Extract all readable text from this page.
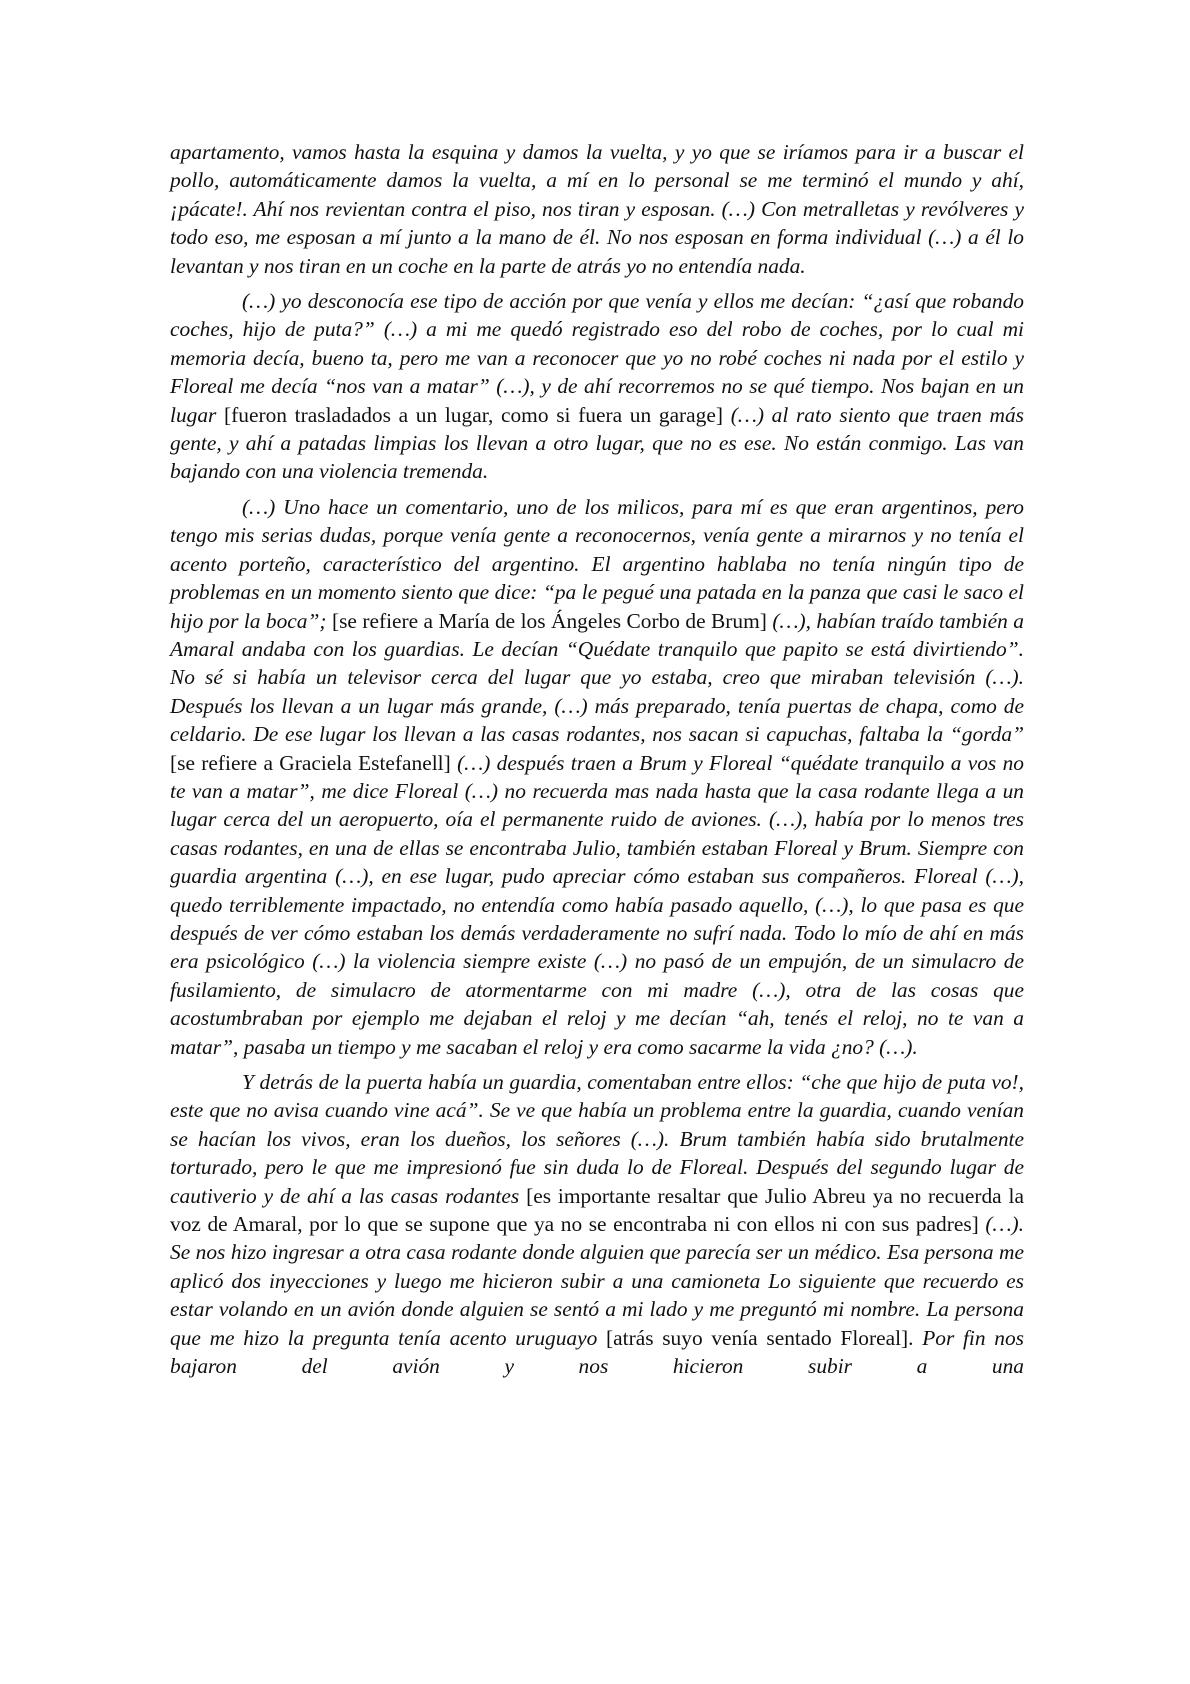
apartamento, vamos hasta la esquina y damos la vuelta, y yo que se iríamos para ir a buscar el pollo, automáticamente damos la vuelta, a mí en lo personal se me terminó el mundo y ahí, ¡pácate!. Ahí nos revientan contra el piso, nos tiran y esposan. (…) Con metralletas y revólveres y todo eso, me esposan a mí junto a la mano de él. No nos esposan en forma individual (…) a él lo levantan y nos tiran en un coche en la parte de atrás yo no entendía nada.

(…) yo desconocía ese tipo de acción por que venía y ellos me decían: “¿así que robando coches, hijo de puta?” (…) a mi me quedó registrado eso del robo de coches, por lo cual mi memoria decía, bueno ta, pero me van a reconocer que yo no robé coches ni nada por el estilo y Floreal me decía “nos van a matar” (…), y de ahí recorremos no se qué tiempo. Nos bajan en un lugar [fueron trasladados a un lugar, como si fuera un garage] (…) al rato siento que traen más gente, y ahí a patadas limpias los llevan a otro lugar, que no es ese. No están conmigo. Las van bajando con una violencia tremenda.

(…) Uno hace un comentario, uno de los milicos, para mí es que eran argentinos, pero tengo mis serias dudas, porque venía gente a reconocernos, venía gente a mirarnos y no tenía el acento porteño, característico del argentino. El argentino hablaba no tenía ningún tipo de problemas en un momento siento que dice: “pa le pegué una patada en la panza que casi le saco el hijo por la boca”; [se refiere a María de los Ángeles Corbo de Brum] (…), habían traído también a Amaral andaba con los guardias. Le decían “Quédate tranquilo que papito se está divirtiendo”. No sé si había un televisor cerca del lugar que yo estaba, creo que miraban televisión (…). Después los llevan a un lugar más grande, (…) más preparado, tenía puertas de chapa, como de celdario. De ese lugar los llevan a las casas rodantes, nos sacan si capuchas, faltaba la “gorda” [se refiere a Graciela Estefanell] (…) después traen a Brum y Floreal “quédate tranquilo a vos no te van a matar”, me dice Floreal (…) no recuerda mas nada hasta que la casa rodante llega a un lugar cerca del un aeropuerto, oía el permanente ruido de aviones. (…), había por lo menos tres casas rodantes, en una de ellas se encontraba Julio, también estaban Floreal y Brum. Siempre con guardia argentina (…), en ese lugar, pudo apreciar cómo estaban sus compañeros. Floreal (…), quedo terriblemente impactado, no entendía como había pasado aquello, (…), lo que pasa es que después de ver cómo estaban los demás verdaderamente no sufrí nada. Todo lo mío de ahí en más era psicológico (…) la violencia siempre existe (…) no pasó de un empujón, de un simulacro de fusilamiento, de simulacro de atormentarme con mi madre (…), otra de las cosas que acostumbraban por ejemplo me dejaban el reloj y me decían “ah, tenés el reloj, no te van a matar”, pasaba un tiempo y me sacaban el reloj y era como sacarme la vida ¿no? (…).

Y detrás de la puerta había un guardia, comentaban entre ellos: “che que hijo de puta vo!, este que no avisa cuando vine acá”. Se ve que había un problema entre la guardia, cuando venían se hacían los vivos, eran los dueños, los señores (…). Brum también había sido brutalmente torturado, pero le que me impresionó fue sin duda lo de Floreal. Después del segundo lugar de cautiverio y de ahí a las casas rodantes [es importante resaltar que Julio Abreu ya no recuerda la voz de Amaral, por lo que se supone que ya no se encontraba ni con ellos ni con sus padres] (…). Se nos hizo ingresar a otra casa rodante donde alguien que parecía ser un médico. Esa persona me aplicó dos inyecciones y luego me hicieron subir a una camioneta Lo siguiente que recuerdo es estar volando en un avión donde alguien se sentó a mi lado y me preguntó mi nombre. La persona que me hizo la pregunta tenía acento uruguayo [atrás suyo venía sentado Floreal]. Por fin nos bajaron del avión y nos hicieron subir a una
